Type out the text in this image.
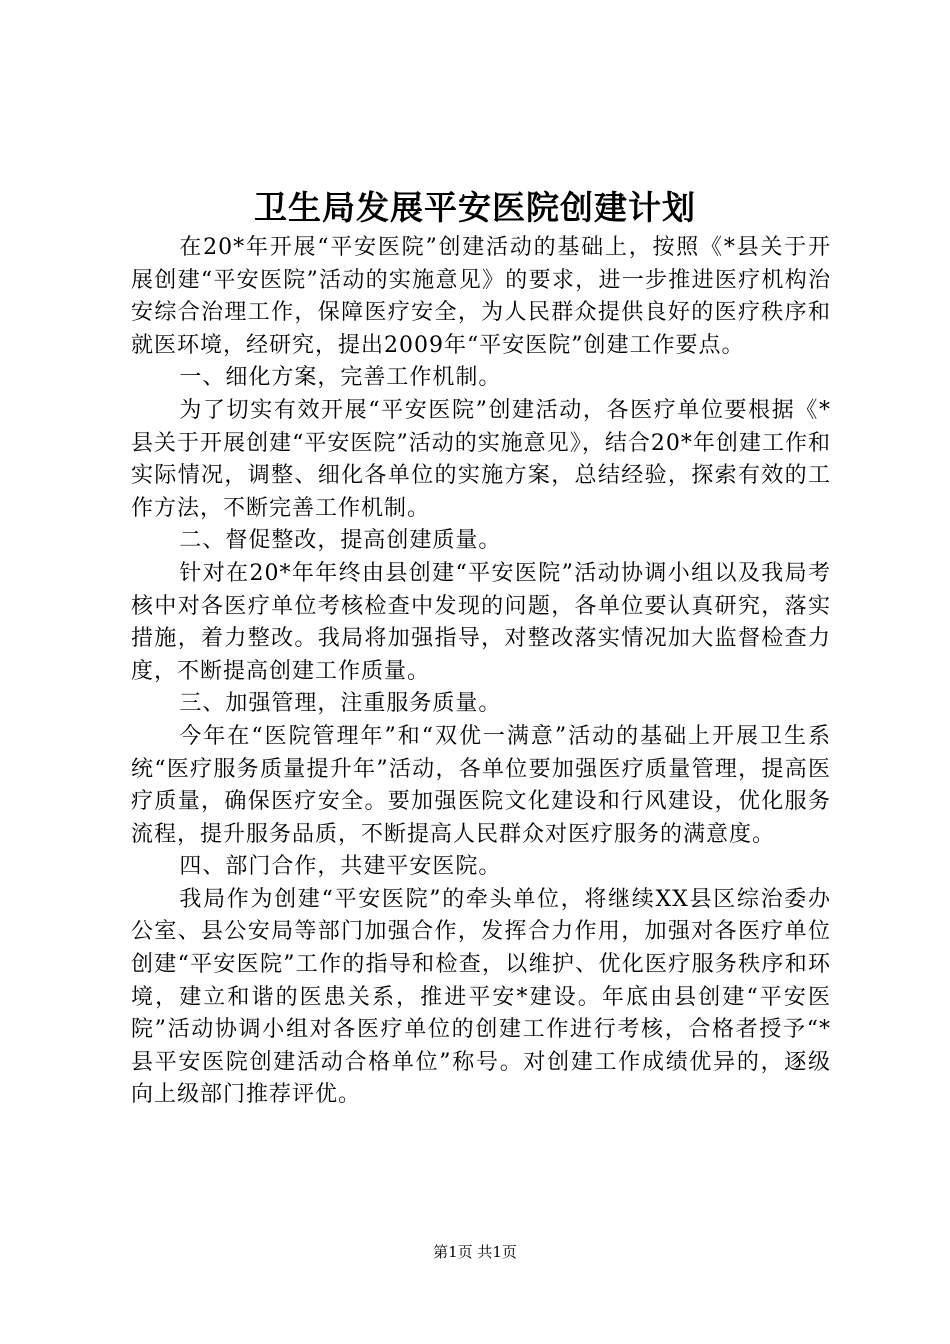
卫生局发展平安医院创建计划

在20*年开展“平安医院”创建活动的基础上，按照《*县关于开展创建“平安医院”活动的实施意见》的要求，进一步推进医疗机构治安综合治理工作，保障医疗安全，为人民群众提供良好的医疗秩序和就医环境，经研究，提出2009年“平安医院”创建工作要点。

一、细化方案，完善工作机制。

为了切实有效开展“平安医院”创建活动，各医疗单位要根据《*县关于开展创建“平安医院”活动的实施意见》，结合20*年创建工作和实际情况，调整、细化各单位的实施方案，总结经验，探索有效的工作方法，不断完善工作机制。

二、督促整改，提高创建质量。

针对在20*年年终由县创建“平安医院”活动协调小组以及我局考核中对各医疗单位考核检查中发现的问题，各单位要认真研究，落实措施，着力整改。我局将加强指导，对整改落实情况加大监督检查力度，不断提高创建工作质量。

三、加强管理，注重服务质量。

今年在“医院管理年”和“双优一满意”活动的基础上开展卫生系统“医疗服务质量提升年”活动，各单位要加强医疗质量管理，提高医疗质量，确保医疗安全。要加强医院文化建设和行风建设，优化服务流程，提升服务品质，不断提高人民群众对医疗服务的满意度。

四、部门合作，共建平安医院。

我局作为创建“平安医院”的牵头单位，将继续XX县区综治委办公室、县公安局等部门加强合作，发挥合力作用，加强对各医疗单位创建“平安医院”工作的指导和检查，以维护、优化医疗服务秩序和环境，建立和谐的医患关系，推进平安*建设。年底由县创建“平安医院”活动协调小组对各医疗单位的创建工作进行考核，合格者授予“*县平安医院创建活动合格单位”称号。对创建工作成绩优异的，逐级向上级部门推荐评优。

第1页 共1页
